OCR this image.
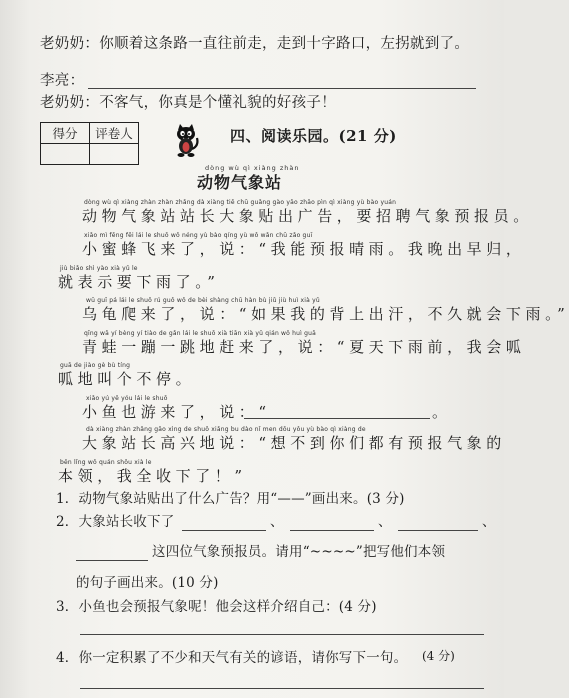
老奶奶：你顺着这条路一直往前走，走到十字路口，左拐就到了。
李亮：
老奶奶：不客气，你真是个懂礼貌的好孩子！
得分	评卷人
		四、阅读乐园。(21 分)
dòng wù qì xiàng zhàn
动物气象站
dòng wù qì xiàng zhàn zhàn zhǎng dà xiàng tiē chū guǎng gào yāo zhāo pìn qì xiàng yù bào yuán
动物气象站站长大象贴出广告，要招聘气象预报员。
xiǎo mì fēng fēi lái le shuō wǒ néng yù bào qíng yù wǒ wǎn chū zǎo guī
小蜜蜂飞来了，说：“我能预报晴雨。我晚出早归，
jiù biǎo shì yào xià yǔ le
就表示要下雨了。”
wū guī pá lái le shuō rú guǒ wǒ de bèi shàng chū hàn bù jiǔ jiù huì xià yǔ
乌龟爬来了，说：“如果我的背上出汗，不久就会下雨。”
qīng wā yí bèng yí tiào de gǎn lái le shuō xià tiān xià yǔ qián wǒ huì guā
青蛙一蹦一跳地赶来了，说：“夏天下雨前，我会呱
guā de jiào gè bù tíng
呱地叫个不停。
xiǎo yú yě yóu lái le shuō
小鱼也游来了，说：“	。
dà xiàng zhàn zhǎng gāo xìng de shuō xiǎng bu dào nǐ men dōu yǒu yù bào qì xiàng de
大象站长高兴地说：“想不到你们都有预报气象的
běn lǐng wǒ quán shōu xià le
本领，我全收下了！”
1．动物气象站贴出了什么广告？用“——”画出来。(3 分)
2．大象站长收下了	、	、	、
这四位气象预报员。请用“~~~~”把写他们本领
的句子画出来。(10 分)
3．小鱼也会预报气象呢！他会这样介绍自己：(4 分)
4．你一定积累了不少和天气有关的谚语，请你写下一句。 (4 分)
